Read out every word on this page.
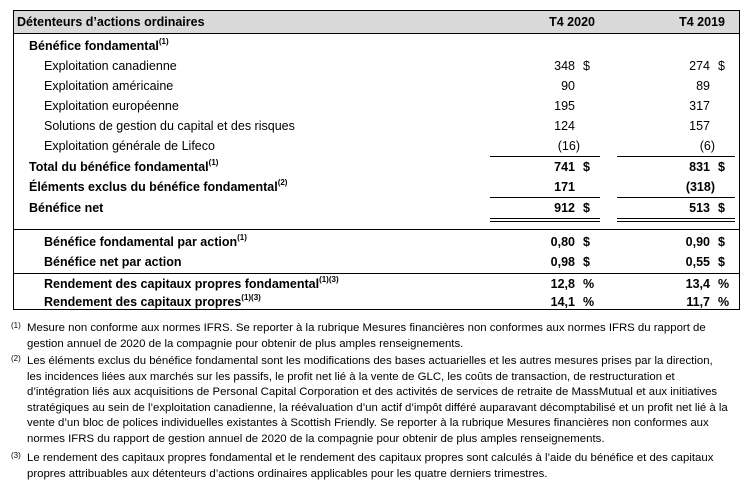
Détenteurs d’actions ordinaires	T4 2020	T4 2019
Bénéfice fondamental$^{(1)}$
Exploitation canadienne	348 $	274 $
Exploitation américaine	90	89
Exploitation européenne	195	317
Solutions de gestion du capital et des risques	124	157
Exploitation générale de Lifeco	(16)	(6)
Total du bénéfice fondamental$^{(1)}$	741 $	831 $
Éléments exclus du bénéfice fondamental$^{(2)}$	171	(318)
Bénéfice net	912 $	513 $
Bénéfice fondamental par action$^{(1)}$	0,80 $	0,90 $
Bénéfice net par action	0,98 $	0,55 $
Rendement des capitaux propres fondamental$^{(1)(3)}$	12,8 %	13,4 %
Rendement des capitaux propres$^{(1)(3)}$	14,1 %	11,7 %
(1) Mesure non conforme aux normes IFRS. Se reporter à la rubrique Mesures financières non conformes aux normes IFRS du rapport de
gestion annuel de 2020 de la compagnie pour obtenir de plus amples renseignements.
(2) Les éléments exclus du bénéfice fondamental sont les modifications des bases actuarielles et les autres mesures prises par la direction,
les incidences liées aux marchés sur les passifs, le profit net lié à la vente de GLC, les coûts de transaction, de restructuration et
d’intégration liés aux acquisitions de Personal Capital Corporation et des activités de services de retraite de MassMutual et aux initiatives
stratégiques au sein de l’exploitation canadienne, la réévaluation d’un actif d’impôt différé auparavant décomptabilisé et un profit net lié à la
vente d’un bloc de polices individuelles existantes à Scottish Friendly. Se reporter à la rubrique Mesures financières non conformes aux
normes IFRS du rapport de gestion annuel de 2020 de la compagnie pour obtenir de plus amples renseignements.
(3) Le rendement des capitaux propres fondamental et le rendement des capitaux propres sont calculés à l’aide du bénéfice et des capitaux
propres attribuables aux détenteurs d’actions ordinaires applicables pour les quatre derniers trimestres.
